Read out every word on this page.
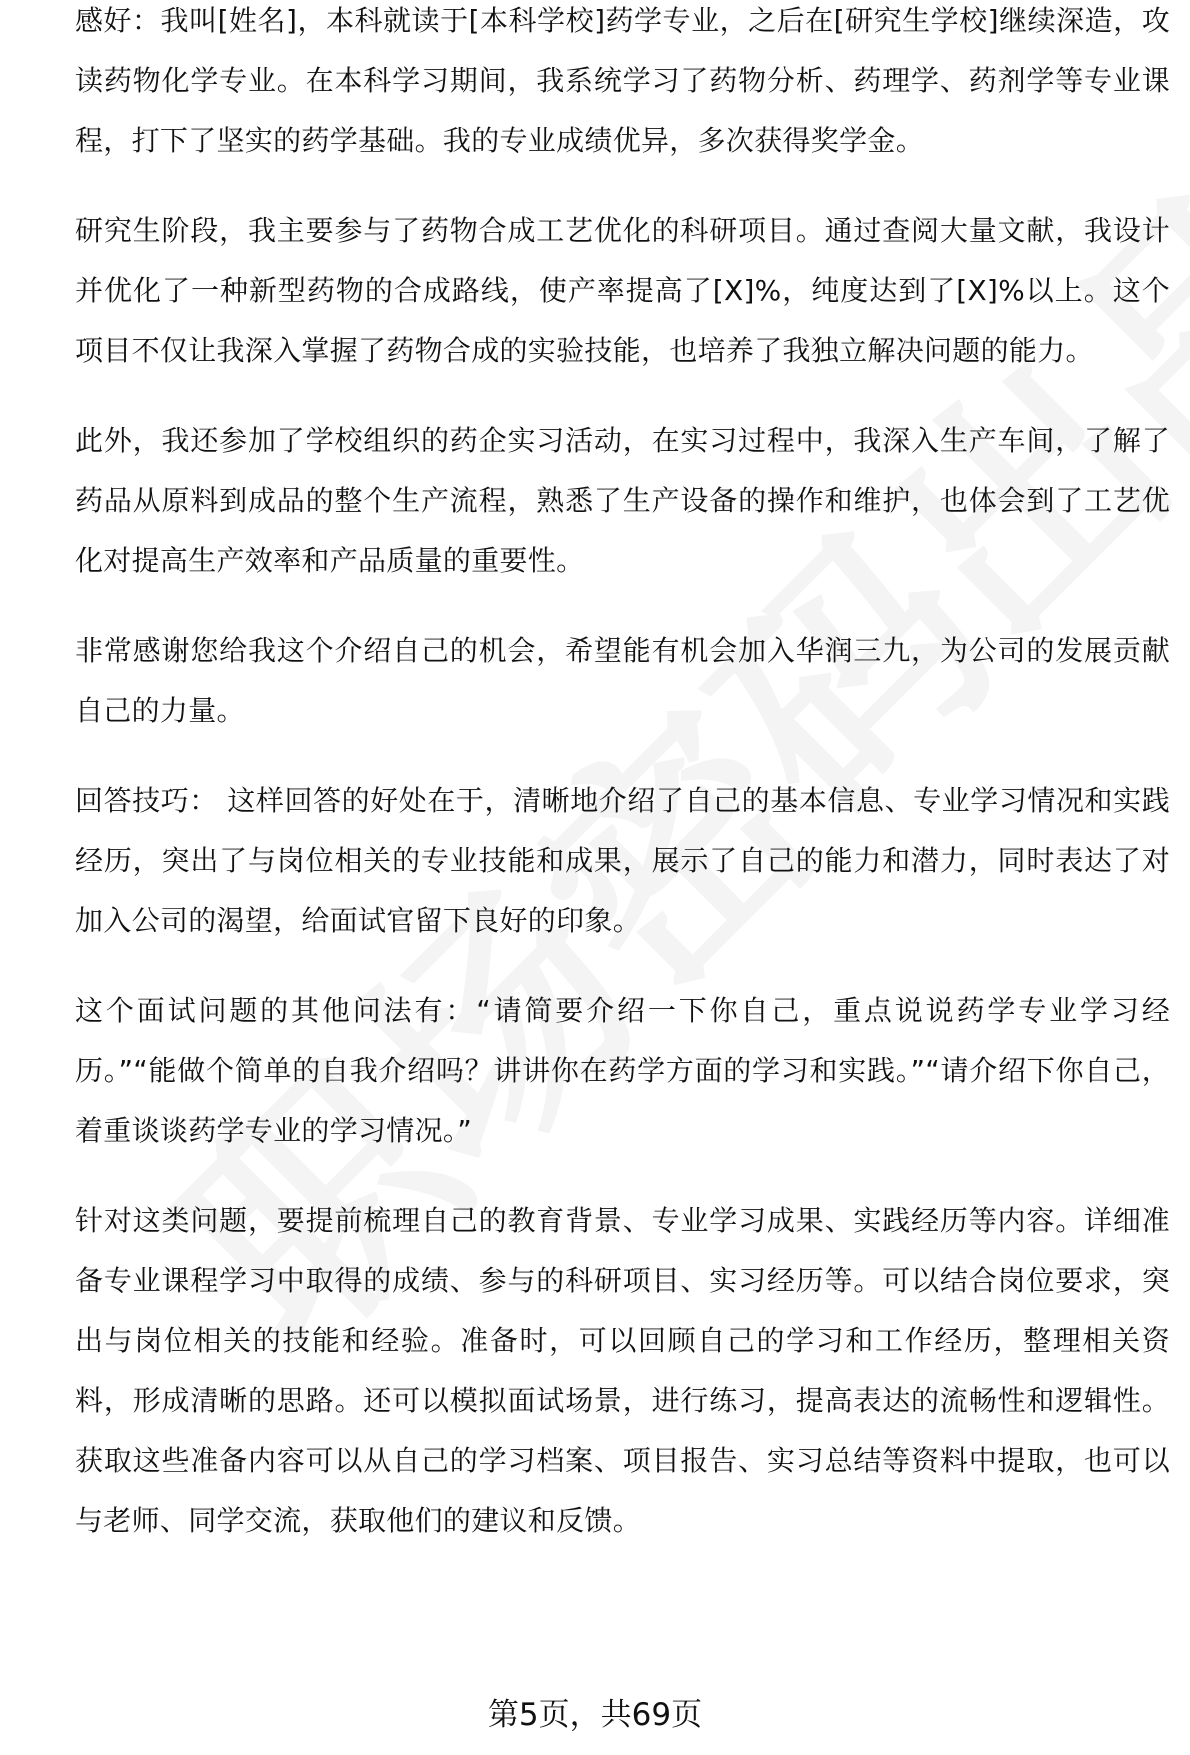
感好：我叫[姓名]，本科就读于[本科学校]药学专业，之后在[研究生学校]继续深造，攻读药物化学专业。在本科学习期间，我系统学习了药物分析、药理学、药剂学等专业课程，打下了坚实的药学基础。我的专业成绩优异，多次获得奖学金。

研究生阶段，我主要参与了药物合成工艺优化的科研项目。通过查阅大量文献，我设计并优化了一种新型药物的合成路线，使产率提高了[X]%，纯度达到了[X]%以上。这个项目不仅让我深入掌握了药物合成的实验技能，也培养了我独立解决问题的能力。

此外，我还参加了学校组织的药企实习活动，在实习过程中，我深入生产车间，了解了药品从原料到成品的整个生产流程，熟悉了生产设备的操作和维护，也体会到了工艺优化对提高生产效率和产品质量的重要性。

非常感谢您给我这个介绍自己的机会，希望能有机会加入华润三九，为公司的发展贡献自己的力量。

回答技巧： 这样回答的好处在于，清晰地介绍了自己的基本信息、专业学习情况和实践经历，突出了与岗位相关的专业技能和成果，展示了自己的能力和潜力，同时表达了对加入公司的渴望，给面试官留下良好的印象。

这个面试问题的其他问法有：“请简要介绍一下你自己，重点说说药学专业学习经历。”“能做个简单的自我介绍吗？讲讲你在药学方面的学习和实践。”“请介绍下你自己，着重谈谈药学专业的学习情况。”

针对这类问题，要提前梳理自己的教育背景、专业学习成果、实践经历等内容。详细准备专业课程学习中取得的成绩、参与的科研项目、实习经历等。可以结合岗位要求，突出与岗位相关的技能和经验。准备时，可以回顾自己的学习和工作经历，整理相关资料，形成清晰的思路。还可以模拟面试场景，进行练习，提高表达的流畅性和逻辑性。获取这些准备内容可以从自己的学习档案、项目报告、实习总结等资料中提取，也可以与老师、同学交流，获取他们的建议和反馈。

第5页，共69页
